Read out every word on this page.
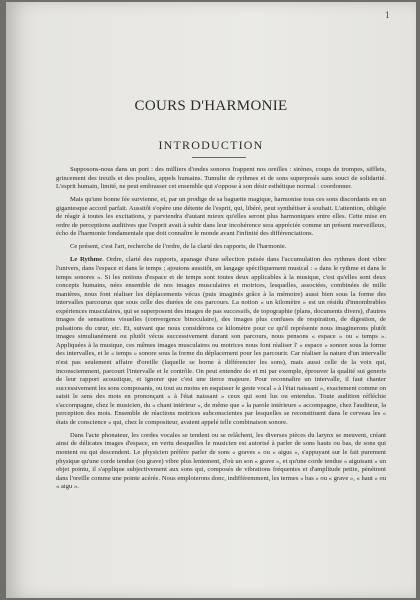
1
COURS D'HARMONIE
INTRODUCTION

Supposons-nous dans un port : des milliers d'ondes sonores frappent nos oreilles : sirènes, coups de trompes, sifflets, grincement des treuils et des poulies, appels humains. Tumulte de rythmes et de sons superposés sans souci de solidarité. L'esprit humain, limité, ne peut embrasser cet ensemble qui s'oppose à son désir esthétique normal : coordonner.

Mais qu'une bonne fée survienne, et, par un prodige de sa baguette magique, harmonise tous ces sons discordants en un gigantesque accord parfait. Aussitôt s'opère une détente de l'esprit, qui, libéré, peut synthétiser à souhait. L'attention, obligée de réagir à toutes les excitations, y parviendra d'autant mieux qu'elles seront plus harmoniques entre elles. Cette mise en ordre de perceptions auditives que l'esprit avait à subir dans leur incohérence sera appréciée comme un présent merveilleux, écho de l'harmonie fondamentale que doit connaître le monde avant l'infinité des différenciations.

Ce présent, c'est l'art, recherche de l'ordre, de la clarté des rapports, de l'harmonie.

Le Rythme. Ordre, clarté des rapports, apanage d'une sélection puisée dans l'accumulation des rythmes dont vibre l'univers, dans l'espace et dans le temps ; ajoutons aussitôt, en langage spécifiquement musical : « dans le rythme et dans le temps sonores ». Si les notions d'espace et de temps sont toutes deux applicables à la musique, c'est qu'elles sont deux concepts humains, nées ensemble de nos images musculaires et motrices, lesquelles, associées, combinées de mille manières, nous font réaliser les déplacements vécus (puis imaginés grâce à la mémoire) aussi bien sous la forme des intervalles parcourus que sous celle des durées de ces parcours. La notion « un kilomètre » est un résidu d'innombrables expériences musculaires, qui se superposent des images de pas successifs, de topographie (plans, documents divers), d'autres images de sensations visuelles (convergence binoculaire), des images plus confuses de respiration, de digestion, de pulsations du cœur, etc. Et, suivant que nous considérons ce kilomètre pour ce qu'il représente nous imaginerons plutôt images simultanément ou plutôt vécus successivement durant son parcours, nous pensons « espace » ou « temps ». Appliquées à la musique, ces mêmes images musculaires ou motrices nous font réaliser l' « espace » sonore sous la forme des intervalles, et le « temps » sonore sous la forme du déplacement pour les parcourir. Car réaliser la nature d'un intervalle n'est pas seulement affaire d'oreille (laquelle se borne à différencier les sons), mais aussi celle de la voix qui, inconsciemment, parcourt l'intervalle et le contrôle. On peut entendre do et mi par exemple, éprouver la qualité sui generis de leur rapport acoustique, et ignorer que c'est une tierce majeure. Pour reconnaître un intervalle, il faut chanter successivement les sons composants, ou tout au moins en esquisser le geste vocal « à l'état naissant », exactement comme on saisit le sens des mots en prononçant « à l'état naissant » ceux qui sont lus ou entendus. Toute audition réfléchie s'accompagne, chez le musicien, du « chant intérieur », de même que « la parole intérieure » accompagne, chez l'auditeur, la perception des mots. Ensemble de réactions motrices subconscientes par lesquelles se reconstituent dans le cerveau les « états de conscience » qui, chez le compositeur, avaient appelé telle combinaison sonore.

Dans l'acte phonateur, les cordes vocales se tendent ou se relâchent, les diverses pièces du larynx se meuvent, créant ainsi de délicates images d'espace, en vertu desquelles le musicien est autorisé à parler de sons hauts ou bas, de sons qui montent ou qui descendent. Le physicien préfère parler de sons « graves » ou « aigus », s'appuyant sur le fait purement physique qu'une corde tendue (ou grave) vibre plus lentement, d'où un son « grave », et qu'une corde tendue « aiguisant » un objet pointu, il s'applique subjectivement aux sons qui, composés de vibrations fréquentes et d'amplitude petite, pénètrent dans l'oreille comme une pointe acérée. Nous emploierons donc, indifféremment, les termes « bas » ou « grave », « haut » ou « aigu ».
